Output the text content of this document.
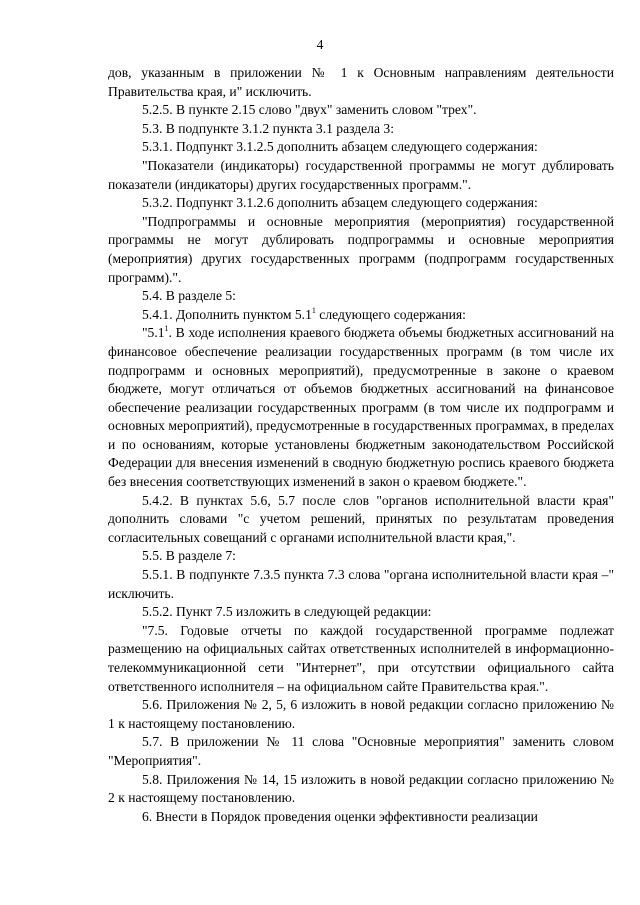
4

дов, указанным в приложении № 1 к Основным направлениям деятельности Правительства края, и" исключить.

5.2.5. В пункте 2.15 слово "двух" заменить словом "трех".

5.3. В подпункте 3.1.2 пункта 3.1 раздела 3:

5.3.1. Подпункт 3.1.2.5 дополнить абзацем следующего содержания:

"Показатели (индикаторы) государственной программы не могут дублировать показатели (индикаторы) других государственных программ.".

5.3.2. Подпункт 3.1.2.6 дополнить абзацем следующего содержания:

"Подпрограммы и основные мероприятия (мероприятия) государственной программы не могут дублировать подпрограммы и основные мероприятия (мероприятия) других государственных программ (подпрограмм государственных программ).".

5.4. В разделе 5:

5.4.1. Дополнить пунктом $5.1^1$ следующего содержания:

"$5.1^1$. В ходе исполнения краевого бюджета объемы бюджетных ассигнований на финансовое обеспечение реализации государственных программ (в том числе их подпрограмм и основных мероприятий), предусмотренные в законе о краевом бюджете, могут отличаться от объемов бюджетных ассигнований на финансовое обеспечение реализации государственных программ (в том числе их подпрограмм и основных мероприятий), предусмотренные в государственных программах, в пределах и по основаниям, которые установлены бюджетным законодательством Российской Федерации для внесения изменений в сводную бюджетную роспись краевого бюджета без внесения соответствующих изменений в закон о краевом бюджете.".

5.4.2. В пунктах 5.6, 5.7 после слов "органов исполнительной власти края" дополнить словами "с учетом решений, принятых по результатам проведения согласительных совещаний с органами исполнительной власти края,".

5.5. В разделе 7:

5.5.1. В подпункте 7.3.5 пункта 7.3 слова "органа исполнительной власти края –" исключить.

5.5.2. Пункт 7.5 изложить в следующей редакции:

"7.5. Годовые отчеты по каждой государственной программе подлежат размещению на официальных сайтах ответственных исполнителей в информационно-телекоммуникационной сети "Интернет", при отсутствии официального сайта ответственного исполнителя – на официальном сайте Правительства края.".

5.6. Приложения № 2, 5, 6 изложить в новой редакции согласно приложению № 1 к настоящему постановлению.

5.7. В приложении № 11 слова "Основные мероприятия" заменить словом "Мероприятия".

5.8. Приложения № 14, 15 изложить в новой редакции согласно приложению № 2 к настоящему постановлению.

6. Внести в Порядок проведения оценки эффективности реализации
